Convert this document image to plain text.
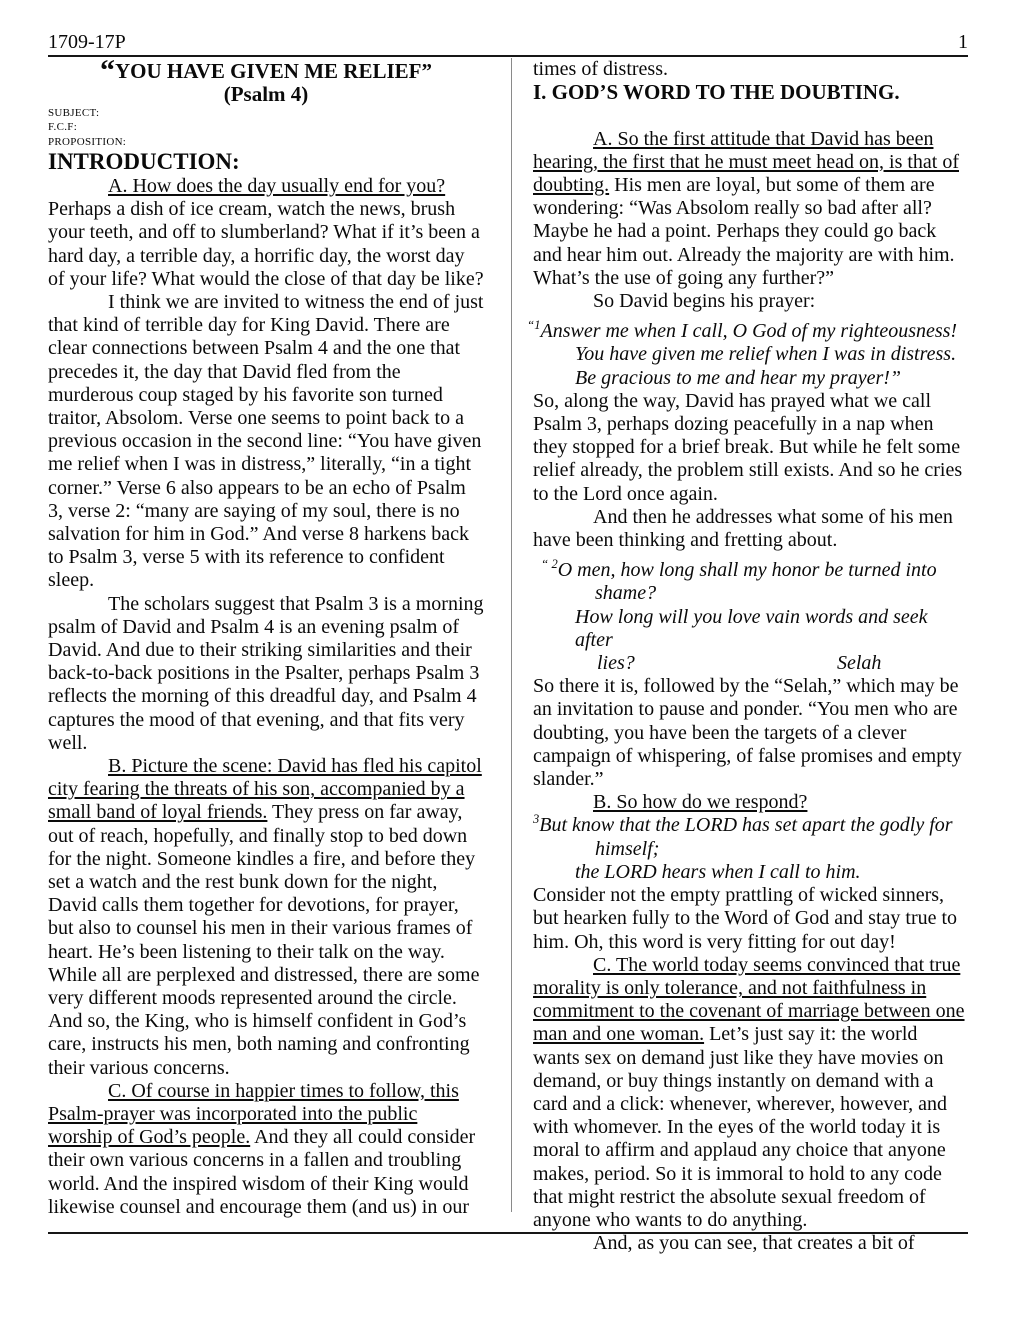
1709-17P	1
“YOU HAVE GIVEN ME RELIEF”
(Psalm 4)
SUBJECT:
F.C.F:
PROPOSITION:
INTRODUCTION:

A. How does the day usually end for you? Perhaps a dish of ice cream, watch the news, brush your teeth, and off to slumberland? What if it’s been a hard day, a terrible day, a horrific day, the worst day of your life? What would the close of that day be like?

I think we are invited to witness the end of just that kind of terrible day for King David. There are clear connections between Psalm 4 and the one that precedes it, the day that David fled from the murderous coup staged by his favorite son turned traitor, Absolom. Verse one seems to point back to a previous occasion in the second line: “You have given me relief when I was in distress,” literally, “in a tight corner.” Verse 6 also appears to be an echo of Psalm 3, verse 2: “many are saying of my soul, there is no salvation for him in God.” And verse 8 harkens back to Psalm 3, verse 5 with its reference to confident sleep.

The scholars suggest that Psalm 3 is a morning psalm of David and Psalm 4 is an evening psalm of David. And due to their striking similarities and their back-to-back positions in the Psalter, perhaps Psalm 3 reflects the morning of this dreadful day, and Psalm 4 captures the mood of that evening, and that fits very well.

B. Picture the scene: David has fled his capitol city fearing the threats of his son, accompanied by a small band of loyal friends. They press on far away, out of reach, hopefully, and finally stop to bed down for the night. Someone kindles a fire, and before they set a watch and the rest bunk down for the night, David calls them together for devotions, for prayer, but also to counsel his men in their various frames of heart. He’s been listening to their talk on the way. While all are perplexed and distressed, there are some very different moods represented around the circle. And so, the King, who is himself confident in God’s care, instructs his men, both naming and confronting their various concerns.

C. Of course in happier times to follow, this Psalm-prayer was incorporated into the public worship of God’s people. And they all could consider their own various concerns in a fallen and troubling world. And the inspired wisdom of their King would likewise counsel and encourage them (and us) in our

times of distress.

I. GOD’S WORD TO THE DOUBTING.

A. So the first attitude that David has been hearing, the first that he must meet head on, is that of doubting. His men are loyal, but some of them are wondering: “Was Absolom really so bad after all? Maybe he had a point. Perhaps they could go back and hear him out. Already the majority are with him. What’s the use of going any further?”

So David begins his prayer:

$^{“1}$Answer me when I call, O God of my righteousness!
You have given me relief when I was in distress.
Be gracious to me and hear my prayer!”

So, along the way, David has prayed what we call Psalm 3, perhaps dozing peacefully in a nap when they stopped for a brief break. But while he felt some relief already, the problem still exists. And so he cries to the Lord once again.

And then he addresses what some of his men have been thinking and fretting about.

“ $^2$O men, how long shall my honor be turned into
shame?
How long will you love vain words and seek after
lies?	Selah

So there it is, followed by the “Selah,” which may be an invitation to pause and ponder. “You men who are doubting, you have been the targets of a clever campaign of whispering, of false promises and empty slander.”

B. So how do we respond?

$^3$But know that the LORD has set apart the godly for
himself;
the LORD hears when I call to him.

Consider not the empty prattling of wicked sinners, but hearken fully to the Word of God and stay true to him. Oh, this word is very fitting for out day!

C. The world today seems convinced that true morality is only tolerance, and not faithfulness in commitment to the covenant of marriage between one man and one woman. Let’s just say it: the world wants sex on demand just like they have movies on demand, or buy things instantly on demand with a card and a click: whenever, wherever, however, and with whomever. In the eyes of the world today it is moral to affirm and applaud any choice that anyone makes, period. So it is immoral to hold to any code that might restrict the absolute sexual freedom of anyone who wants to do anything.

And, as you can see, that creates a bit of
